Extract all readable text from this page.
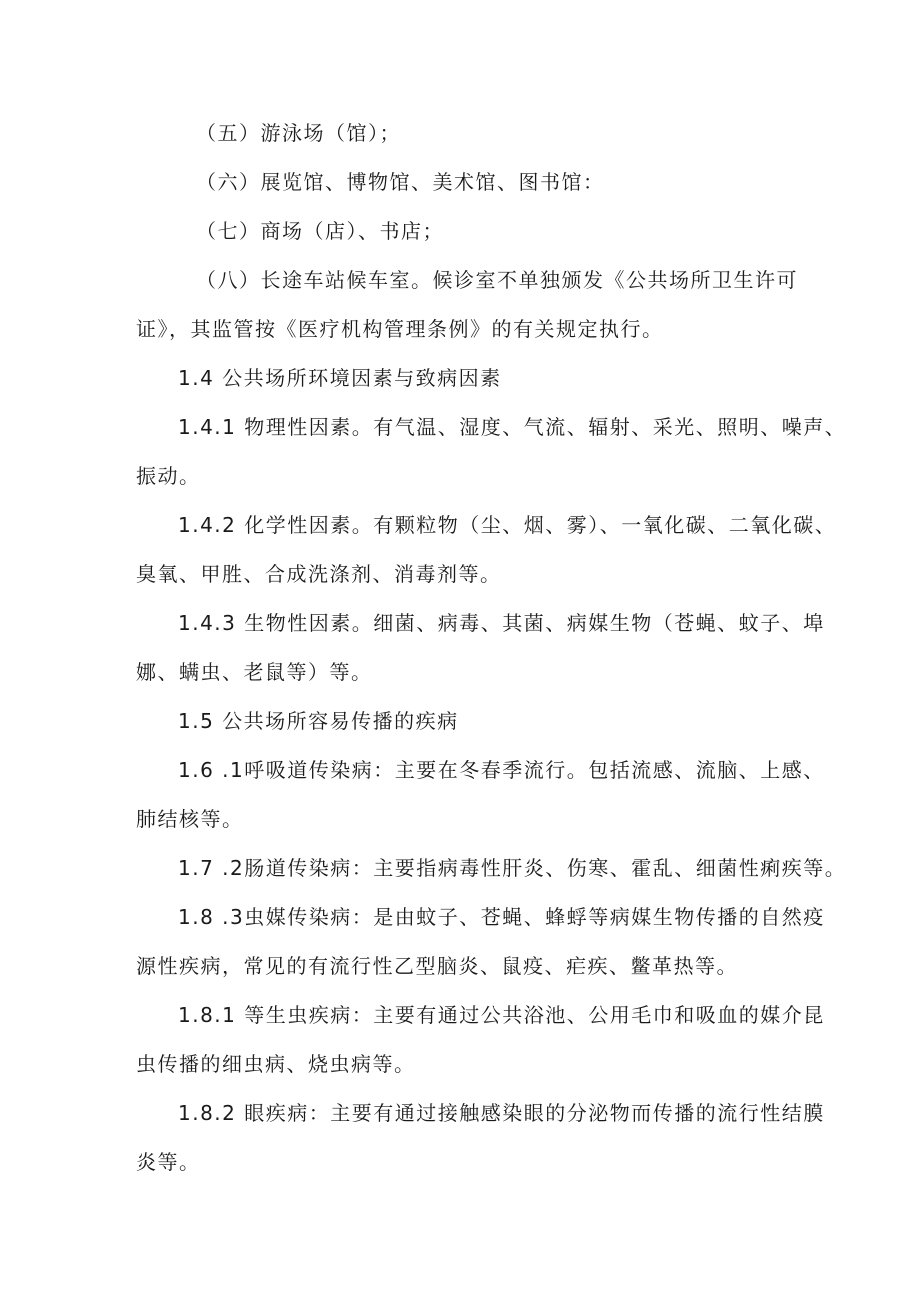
（五）游泳场（馆）；
（六）展览馆、博物馆、美术馆、图书馆：
（七）商场（店）、书店；
（八）长途车站候车室。候诊室不单独颁发《公共场所卫生许可
证》，其监管按《医疗机构管理条例》的有关规定执行。
1.4 公共场所环境因素与致病因素
1.4.1 物理性因素。有气温、湿度、气流、辐射、采光、照明、噪声、
振动。
1.4.2 化学性因素。有颗粒物（尘、烟、雾）、一氧化碳、二氧化碳、
臭氧、甲胜、合成洗涤剂、消毒剂等。
1.4.3 生物性因素。细菌、病毒、其菌、病媒生物（苍蝇、蚊子、埠
娜、螨虫、老鼠等）等。
1.5 公共场所容易传播的疾病
1.6 .1呼吸道传染病：主要在冬春季流行。包括流感、流脑、上感、
肺结核等。
1.7 .2肠道传染病：主要指病毒性肝炎、伤寒、霍乱、细菌性痢疾等。
1.8 .3虫媒传染病：是由蚊子、苍蝇、蜂蜉等病媒生物传播的自然疫
源性疾病，常见的有流行性乙型脑炎、鼠疫、疟疾、鳖革热等。
1.8.1 等生虫疾病：主要有通过公共浴池、公用毛巾和吸血的媒介昆
虫传播的细虫病、烧虫病等。
1.8.2 眼疾病：主要有通过接触感染眼的分泌物而传播的流行性结膜
炎等。
